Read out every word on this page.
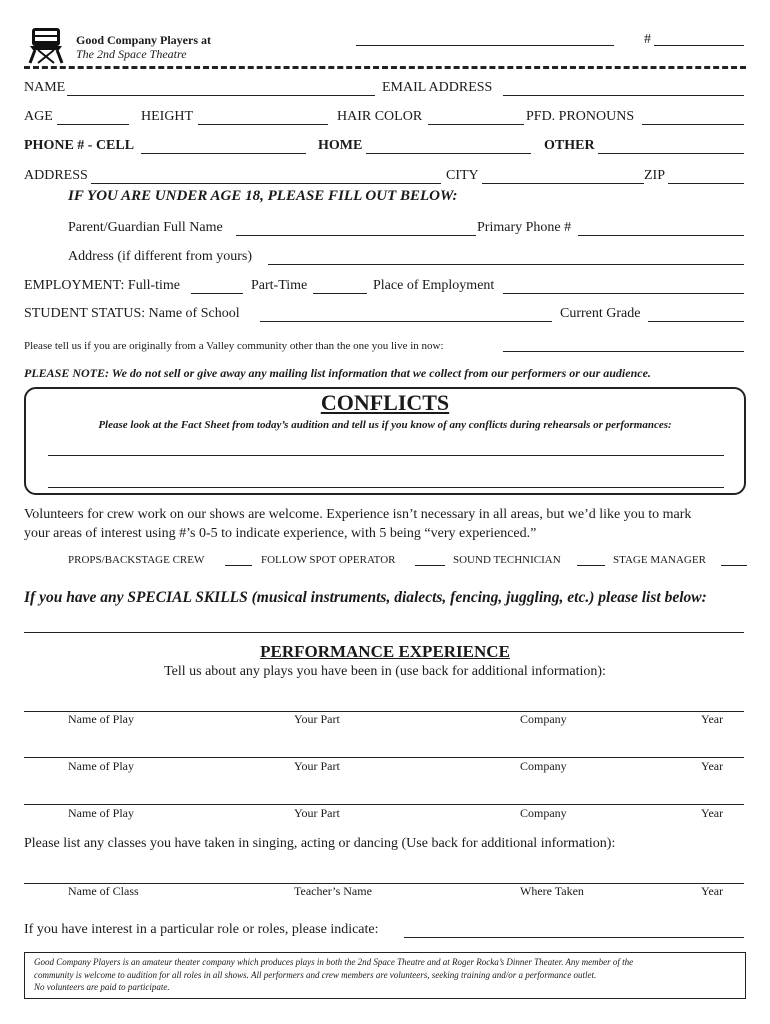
Good Company Players at
The 2nd Space Theatre
#
NAME	EMAIL ADDRESS
AGE	HEIGHT	HAIR COLOR	PFD. PRONOUNS
PHONE # - CELL	HOME	OTHER
ADDRESS	CITY	ZIP
IF YOU ARE UNDER AGE 18, PLEASE FILL OUT BELOW:
Parent/Guardian Full Name	Primary Phone #
Address (if different from yours)
EMPLOYMENT: Full-time	Part-Time	Place of Employment
STUDENT STATUS: Name of School	Current Grade
Please tell us if you are originally from a Valley community other than the one you live in now:
PLEASE NOTE: We do not sell or give away any mailing list information that we collect from our performers or our audience.
CONFLICTS
Please look at the Fact Sheet from today’s audition and tell us if you know of any conflicts during rehearsals or performances:
Volunteers for crew work on our shows are welcome. Experience isn’t necessary in all areas, but we’d like you to mark
your areas of interest using #’s 0-5 to indicate experience, with 5 being “very experienced.”
PROPS/BACKSTAGE CREW	FOLLOW SPOT OPERATOR	SOUND TECHNICIAN	STAGE MANAGER
If you have any SPECIAL SKILLS (musical instruments, dialects, fencing, juggling, etc.) please list below:
PERFORMANCE EXPERIENCE
Tell us about any plays you have been in (use back for additional information):
Name of Play	Your Part	Company	Year
Name of Play	Your Part	Company	Year
Name of Play	Your Part	Company	Year
Please list any classes you have taken in singing, acting or dancing (Use back for additional information):
Name of Class	Teacher’s Name	Where Taken	Year
If you have interest in a particular role or roles, please indicate:
Good Company Players is an amateur theater company which produces plays in both the 2nd Space Theatre and at Roger Rocka’s Dinner Theater. Any member of the
community is welcome to audition for all roles in all shows. All performers and crew members are volunteers, seeking training and/or a performance outlet.
No volunteers are paid to participate.
